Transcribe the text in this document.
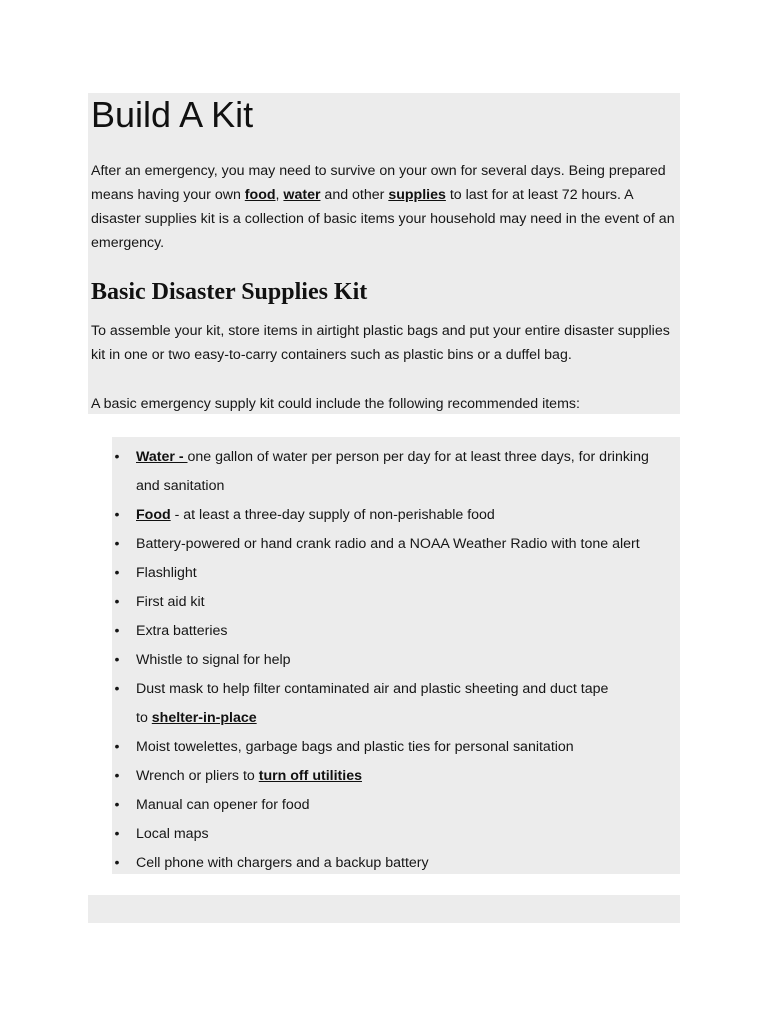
Build A Kit

After an emergency, you may need to survive on your own for several days. Being prepared means having your own food, water and other supplies to last for at least 72 hours. A disaster supplies kit is a collection of basic items your household may need in the event of an emergency.

Basic Disaster Supplies Kit

To assemble your kit, store items in airtight plastic bags and put your entire disaster supplies kit in one or two easy-to-carry containers such as plastic bins or a duffel bag.

A basic emergency supply kit could include the following recommended items:

• Water - one gallon of water per person per day for at least three days, for drinking
and sanitation
• Food - at least a three-day supply of non-perishable food
• Battery-powered or hand crank radio and a NOAA Weather Radio with tone alert
• Flashlight
• First aid kit
• Extra batteries
• Whistle to signal for help
• Dust mask to help filter contaminated air and plastic sheeting and duct tape
to shelter-in-place
• Moist towelettes, garbage bags and plastic ties for personal sanitation
• Wrench or pliers to turn off utilities
• Manual can opener for food
• Local maps
• Cell phone with chargers and a backup battery
